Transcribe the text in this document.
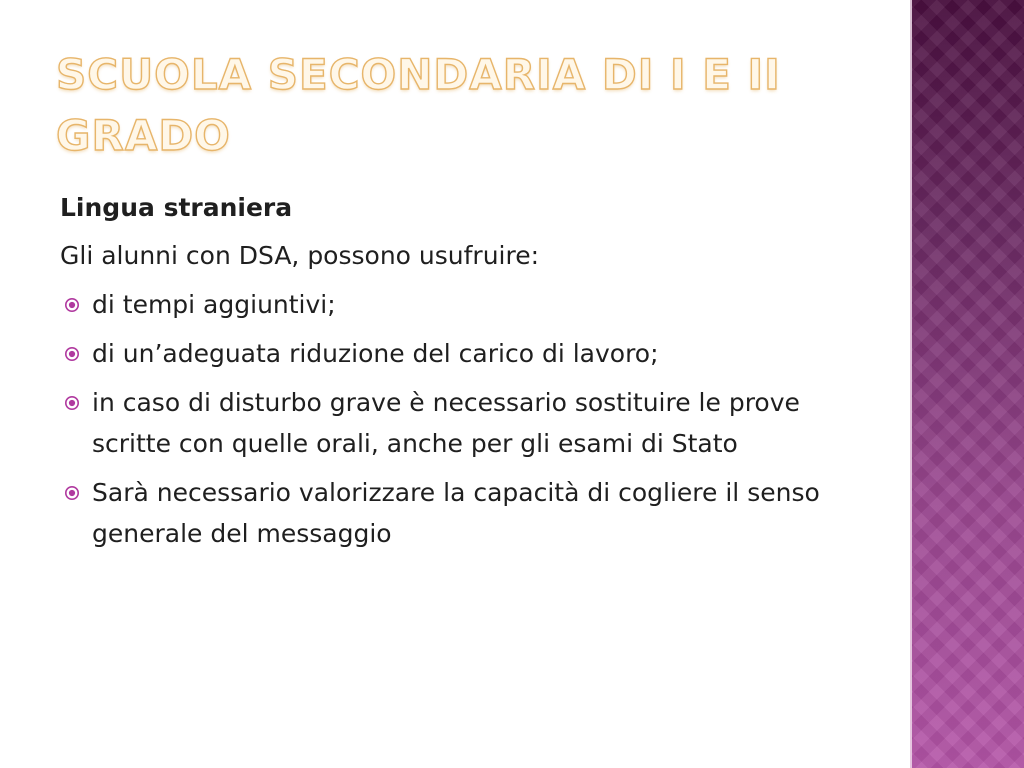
SCUOLA SECONDARIA DI I E II GRADO

Lingua straniera

Gli alunni con DSA, possono usufruire:

di tempi aggiuntivi;
di un’adeguata riduzione del carico di lavoro;
in caso di disturbo grave è necessario sostituire le prove scritte con quelle orali, anche per gli esami di Stato
Sarà necessario valorizzare la capacità di cogliere il senso generale del messaggio
